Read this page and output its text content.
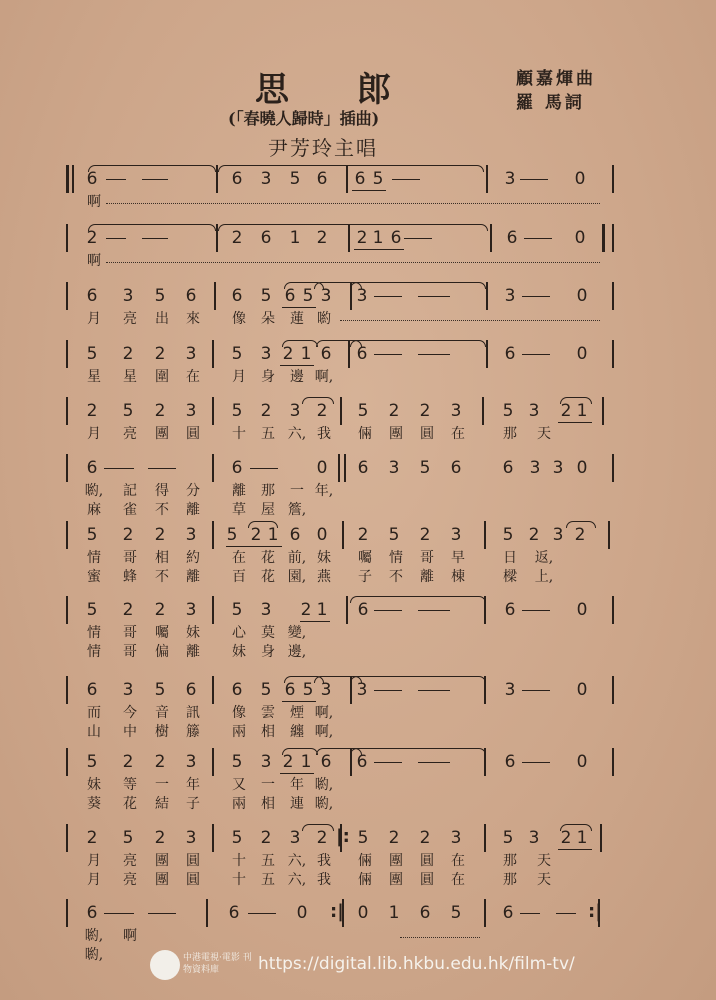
思 郎	顧嘉煇曲
羅 馬詞
(「春曉人歸時」插曲)
尹芳玲主唱
6	6 3 5 6 6 5	3	0
啊
2	2 6 1 2 2 1 6	6	0
啊
6 3 5 6 6 5 6 5 3 3	3	0
月	亮	出	來	像	朵	蓮 喲
5 2 2 3 5 3 2 1 6 6	6	0
星	星	圍	在	月	身	邊 啊,
2 5 2 3 5 2 3 2 5 2 2 3 5 3 2 1
月	亮	團	圓	十	五 六, 我	倆	團	圓	在	那	天
6	6	0 6 3 5 6 6 3 3 0
喲,	記	得	分	離	那	一 年,
麻	雀	不	離	草	屋 簷,
5 2 2 3 5 2 1 6 0 2 5 2 3 5 2 3 2
情	哥	相	約	在	花 前, 妹	囑	情	哥	早	日	返,
蜜	蜂	不	離	百	花 園, 燕	子	不	離	棟	樑	上,
5 2 2 3 5 3 2 1 6	6	0
情	哥	囑	妹	心	莫 變,
情	哥	偏	離	妹	身 邊,
6 3 5 6 6 5 6 5 3 3	3	0
而	今	音	訊	像	雲	煙 啊,
山	中	樹	籐	兩	相	纏 啊,
5 2 2 3 5 3 2 1 6 6	6	0
妹	等	一	年	又	一	年 喲,
葵	花	結	子	兩	相	連 喲,
2 5 2 3 5 2 3 2 5 2 2 3 5 3 2 1
月	亮	團	圓	十	五 六, 我	倆	團	圓	在	那	天
月	亮	團	圓	十	五 六, 我	倆	團	圓	在	那	天
6	6	0	0 1 6 5 6
喲,	啊
喲,
|:
:|	:|
中港電視·電影 刊物資料庫	https://digital.lib.hkbu.edu.hk/film-tv/
